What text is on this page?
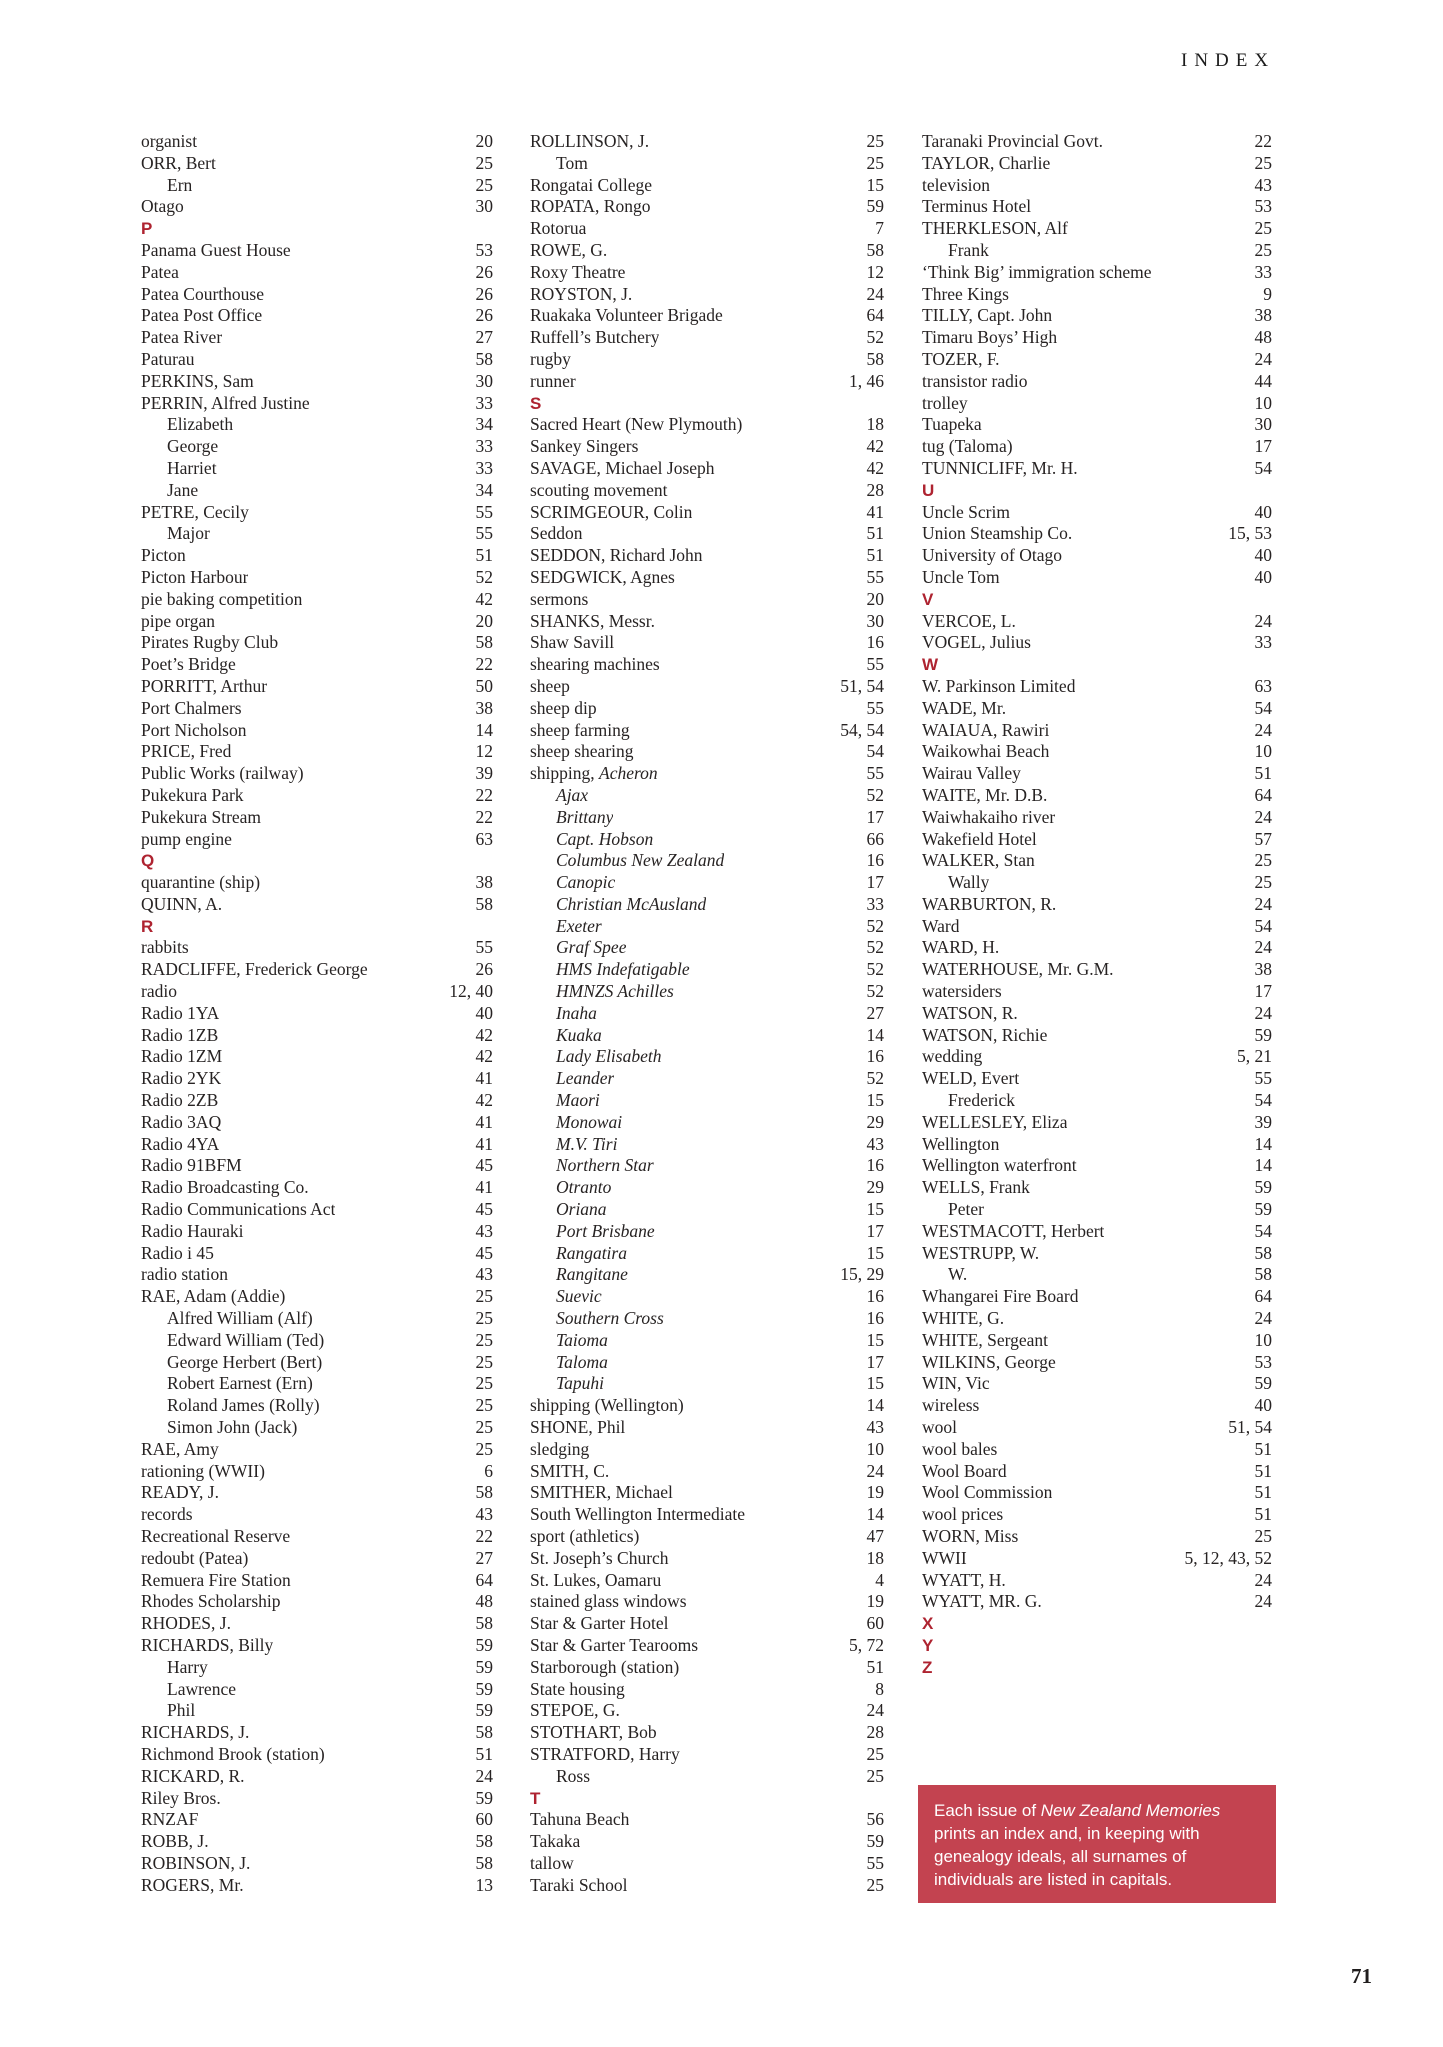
INDEX
organist	20
ORR, Bert	25
Ern	25
Otago	30
P
Panama Guest House	53
Patea	26
Patea Courthouse	26
Patea Post Office	26
Patea River	27
Paturau	58
PERKINS, Sam	30
PERRIN, Alfred Justine	33
Elizabeth	34
George	33
Harriet	33
Jane	34
PETRE, Cecily	55
Major	55
Picton	51
Picton Harbour	52
pie baking competition	42
pipe organ	20
Pirates Rugby Club	58
Poet’s Bridge	22
PORRITT, Arthur	50
Port Chalmers	38
Port Nicholson	14
PRICE, Fred	12
Public Works (railway)	39
Pukekura Park	22
Pukekura Stream	22
pump engine	63
Q
quarantine (ship)	38
QUINN, A.	58
R
rabbits	55
RADCLIFFE, Frederick George	26
radio	12, 40
Radio 1YA	40
Radio 1ZB	42
Radio 1ZM	42
Radio 2YK	41
Radio 2ZB	42
Radio 3AQ	41
Radio 4YA	41
Radio 91BFM	45
Radio Broadcasting Co.	41
Radio Communications Act	45
Radio Hauraki	43
Radio i 45	45
radio station	43
RAE, Adam (Addie)	25
Alfred William (Alf)	25
Edward William (Ted)	25
George Herbert (Bert)	25
Robert Earnest (Ern)	25
Roland James (Rolly)	25
Simon John (Jack)	25
RAE, Amy	25
rationing (WWII)	6
READY, J.	58
records	43
Recreational Reserve	22
redoubt (Patea)	27
Remuera Fire Station	64
Rhodes Scholarship	48
RHODES, J.	58
RICHARDS, Billy	59
Harry	59
Lawrence	59
Phil	59
RICHARDS, J.	58
Richmond Brook (station)	51
RICKARD, R.	24
Riley Bros.	59
RNZAF	60
ROBB, J.	58
ROBINSON, J.	58
ROGERS, Mr.	13
ROLLINSON, J.	25
Tom	25
Rongatai College	15
ROPATA, Rongo	59
Rotorua	7
ROWE, G.	58
Roxy Theatre	12
ROYSTON, J.	24
Ruakaka Volunteer Brigade	64
Ruffell’s Butchery	52
rugby	58
runner	1, 46
S
Sacred Heart (New Plymouth)	18
Sankey Singers	42
SAVAGE, Michael Joseph	42
scouting movement	28
SCRIMGEOUR, Colin	41
Seddon	51
SEDDON, Richard John	51
SEDGWICK, Agnes	55
sermons	20
SHANKS, Messr.	30
Shaw Savill	16
shearing machines	55
sheep	51, 54
sheep dip	55
sheep farming	54, 54
sheep shearing	54
shipping, Acheron	55
Ajax	52
Brittany	17
Capt. Hobson	66
Columbus New Zealand	16
Canopic	17
Christian McAusland	33
Exeter	52
Graf Spee	52
HMS Indefatigable	52
HMNZS Achilles	52
Inaha	27
Kuaka	14
Lady Elisabeth	16
Leander	52
Maori	15
Monowai	29
M.V. Tiri	43
Northern Star	16
Otranto	29
Oriana	15
Port Brisbane	17
Rangatira	15
Rangitane	15, 29
Suevic	16
Southern Cross	16
Taioma	15
Taloma	17
Tapuhi	15
shipping (Wellington)	14
SHONE, Phil	43
sledging	10
SMITH, C.	24
SMITHER, Michael	19
South Wellington Intermediate	14
sport (athletics)	47
St. Joseph’s Church	18
St. Lukes, Oamaru	4
stained glass windows	19
Star & Garter Hotel	60
Star & Garter Tearooms	5, 72
Starborough (station)	51
State housing	8
STEPOE, G.	24
STOTHART, Bob	28
STRATFORD, Harry	25
Ross	25
T
Tahuna Beach	56
Takaka	59
tallow	55
Taraki School	25
Taranaki Provincial Govt.	22
TAYLOR, Charlie	25
television	43
Terminus Hotel	53
THERKLESON, Alf	25
Frank	25
‘Think Big’ immigration scheme	33
Three Kings	9
TILLY, Capt. John	38
Timaru Boys’ High	48
TOZER, F.	24
transistor radio	44
trolley	10
Tuapeka	30
tug (Taloma)	17
TUNNICLIFF, Mr. H.	54
U
Uncle Scrim	40
Union Steamship Co.	15, 53
University of Otago	40
Uncle Tom	40
V
VERCOE, L.	24
VOGEL, Julius	33
W
W. Parkinson Limited	63
WADE, Mr.	54
WAIAUA, Rawiri	24
Waikowhai Beach	10
Wairau Valley	51
WAITE, Mr. D.B.	64
Waiwhakaiho river	24
Wakefield Hotel	57
WALKER, Stan	25
Wally	25
WARBURTON, R.	24
Ward	54
WARD, H.	24
WATERHOUSE, Mr. G.M.	38
watersiders	17
WATSON, R.	24
WATSON, Richie	59
wedding	5, 21
WELD, Evert	55
Frederick	54
WELLESLEY, Eliza	39
Wellington	14
Wellington waterfront	14
WELLS, Frank	59
Peter	59
WESTMACOTT, Herbert	54
WESTRUPP, W.	58
W.	58
Whangarei Fire Board	64
WHITE, G.	24
WHITE, Sergeant	10
WILKINS, George	53
WIN, Vic	59
wireless	40
wool	51, 54
wool bales	51
Wool Board	51
Wool Commission	51
wool prices	51
WORN, Miss	25
WWII	5, 12, 43, 52
WYATT, H.	24
WYATT, MR. G.	24
X
Y
Z
Each issue of New Zealand Memories
prints an index and, in keeping with
genealogy ideals, all surnames of
individuals are listed in capitals.
71
